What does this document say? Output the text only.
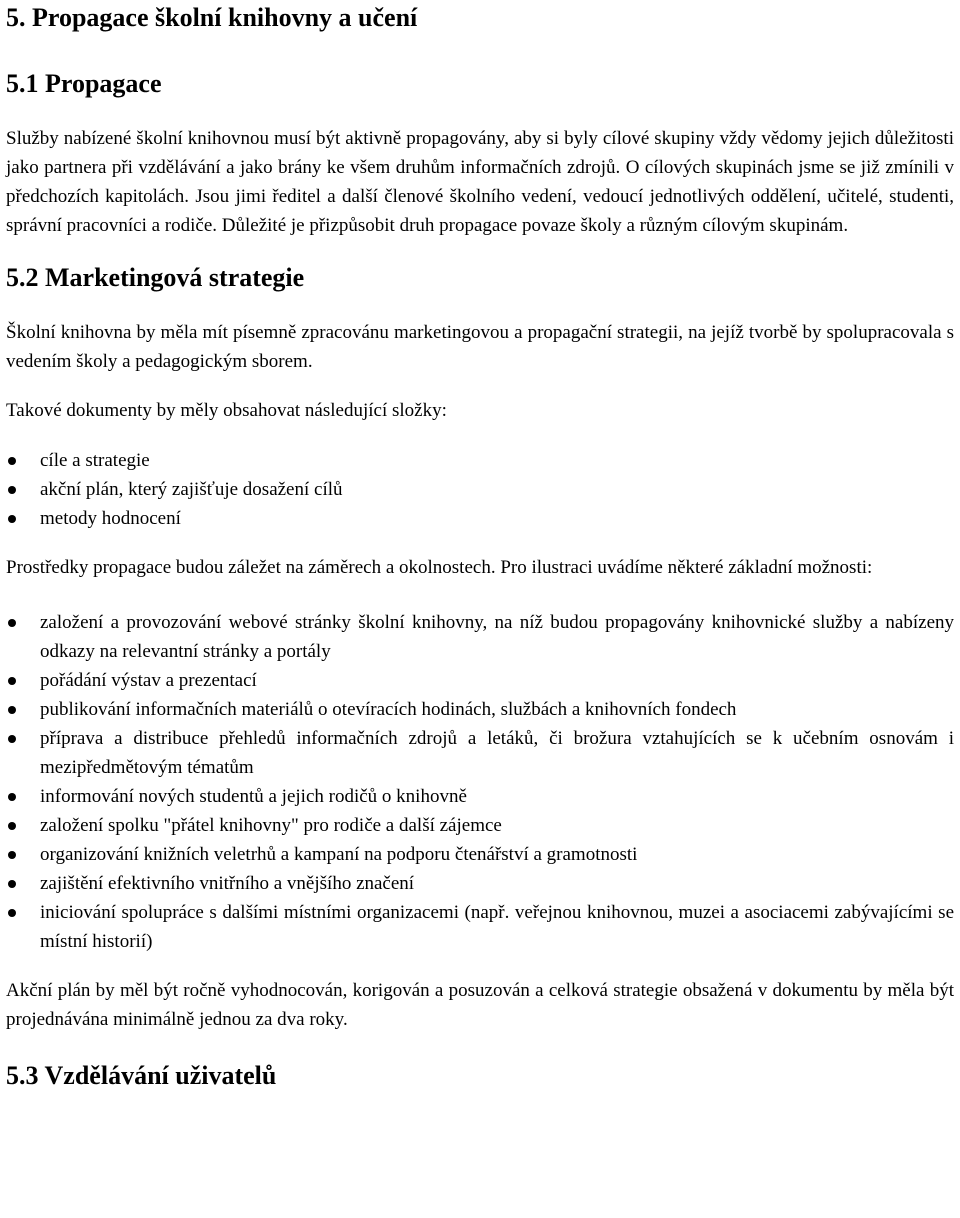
5. Propagace školní knihovny a učení
5.1 Propagace

Služby nabízené školní knihovnou musí být aktivně propagovány, aby si byly cílové skupiny vždy vědomy jejich důležitosti jako partnera při vzdělávání a jako brány ke všem druhům informačních zdrojů. O cílových skupinách jsme se již zmínili v předchozích kapitolách. Jsou jimi ředitel a další členové školního vedení, vedoucí jednotlivých oddělení, učitelé, studenti, správní pracovníci a rodiče. Důležité je přizpůsobit druh propagace povaze školy a různým cílovým skupinám.

5.2 Marketingová strategie

Školní knihovna by měla mít písemně zpracovánu marketingovou a propagační strategii, na jejíž tvorbě by spolupracovala s vedením školy a pedagogickým sborem.

Takové dokumenty by měly obsahovat následující složky:

cíle a strategie
akční plán, který zajišťuje dosažení cílů
metody hodnocení

Prostředky propagace budou záležet na záměrech a okolnostech. Pro ilustraci uvádíme některé základní možnosti:

založení a provozování webové stránky školní knihovny, na níž budou propagovány knihovnické služby a nabízeny odkazy na relevantní stránky a portály
pořádání výstav a prezentací
publikování informačních materiálů o otevíracích hodinách, službách a knihovních fondech
příprava a distribuce přehledů informačních zdrojů a letáků, či brožura vztahujících se k učebním osnovám i mezipředmětovým tématům
informování nových studentů a jejich rodičů o knihovně
založení spolku "přátel knihovny" pro rodiče a další zájemce
organizování knižních veletrhů a kampaní na podporu čtenářství a gramotnosti
zajištění efektivního vnitřního a vnějšího značení
iniciování spolupráce s dalšími místními organizacemi (např. veřejnou knihovnou, muzei a asociacemi zabývajícími se místní historií)

Akční plán by měl být ročně vyhodnocován, korigován a posuzován a celková strategie obsažená v dokumentu by měla být projednávána minimálně jednou za dva roky.

5.3 Vzdělávání uživatelů
